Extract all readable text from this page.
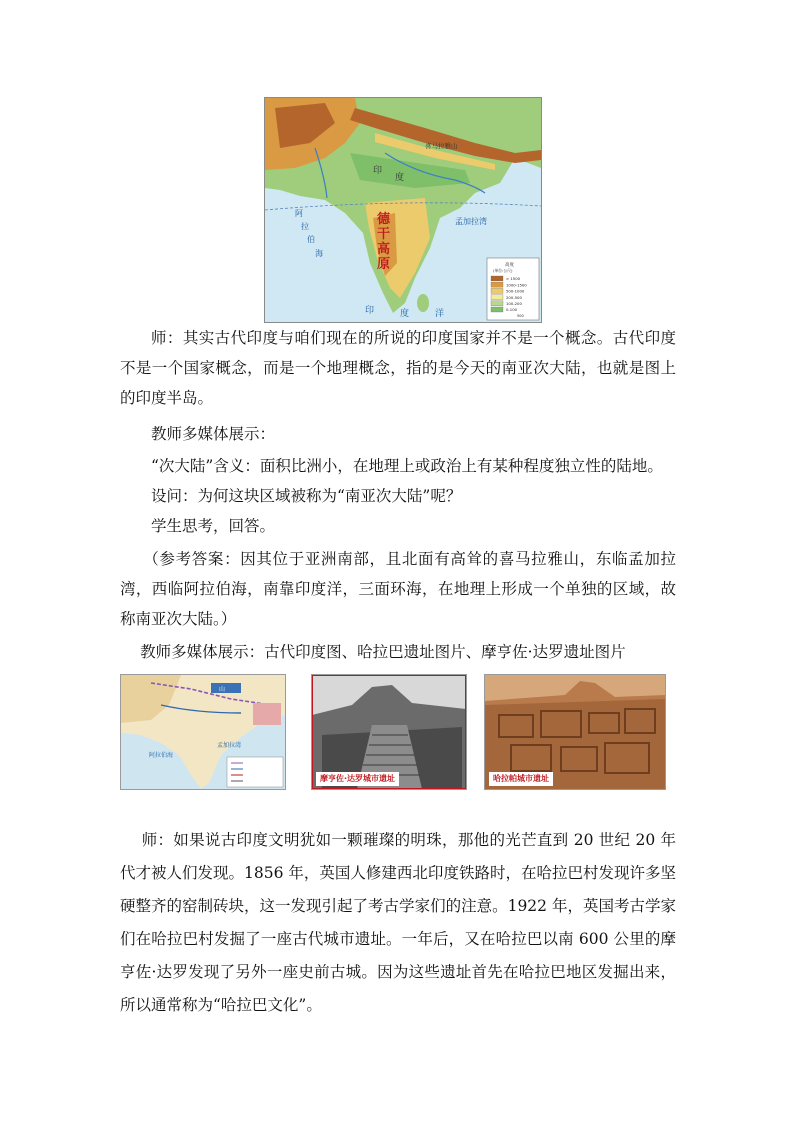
印
度
喜马拉雅山
德
干
高
原
孟加拉湾
阿
拉
伯
海
印	度	洋
高度
(单位:公尺)
> 1500
1000-1500
500-1000
200-500
100-200
0-100
500

师：其实古代印度与咱们现在的所说的印度国家并不是一个概念。古代印度不是一个国家概念，而是一个地理概念，指的是今天的南亚次大陆，也就是图上的印度半岛。

教师多媒体展示：

“次大陆”含义：面积比洲小，在地理上或政治上有某种程度独立性的陆地。

设问：为何这块区域被称为“南亚次大陆”呢？

学生思考，回答。

（参考答案：因其位于亚洲南部，且北面有高耸的喜马拉雅山，东临孟加拉湾，西临阿拉伯海，南靠印度洋，三面环海，在地理上形成一个单独的区域，故称南亚次大陆。）

教师多媒体展示：古代印度图、哈拉巴遗址图片、摩亨佐·达罗遗址图片

山
阿拉伯海
孟加拉湾
摩亨佐·达罗城市遗址	哈拉帕城市遗址

师：如果说古印度文明犹如一颗璀璨的明珠，那他的光芒直到 20 世纪 20 年代才被人们发现。1856 年，英国人修建西北印度铁路时，在哈拉巴村发现许多坚硬整齐的窑制砖块，这一发现引起了考古学家们的注意。1922 年，英国考古学家们在哈拉巴村发掘了一座古代城市遗址。一年后，又在哈拉巴以南 600 公里的摩亨佐·达罗发现了另外一座史前古城。因为这些遗址首先在哈拉巴地区发掘出来，所以通常称为“哈拉巴文化”。
